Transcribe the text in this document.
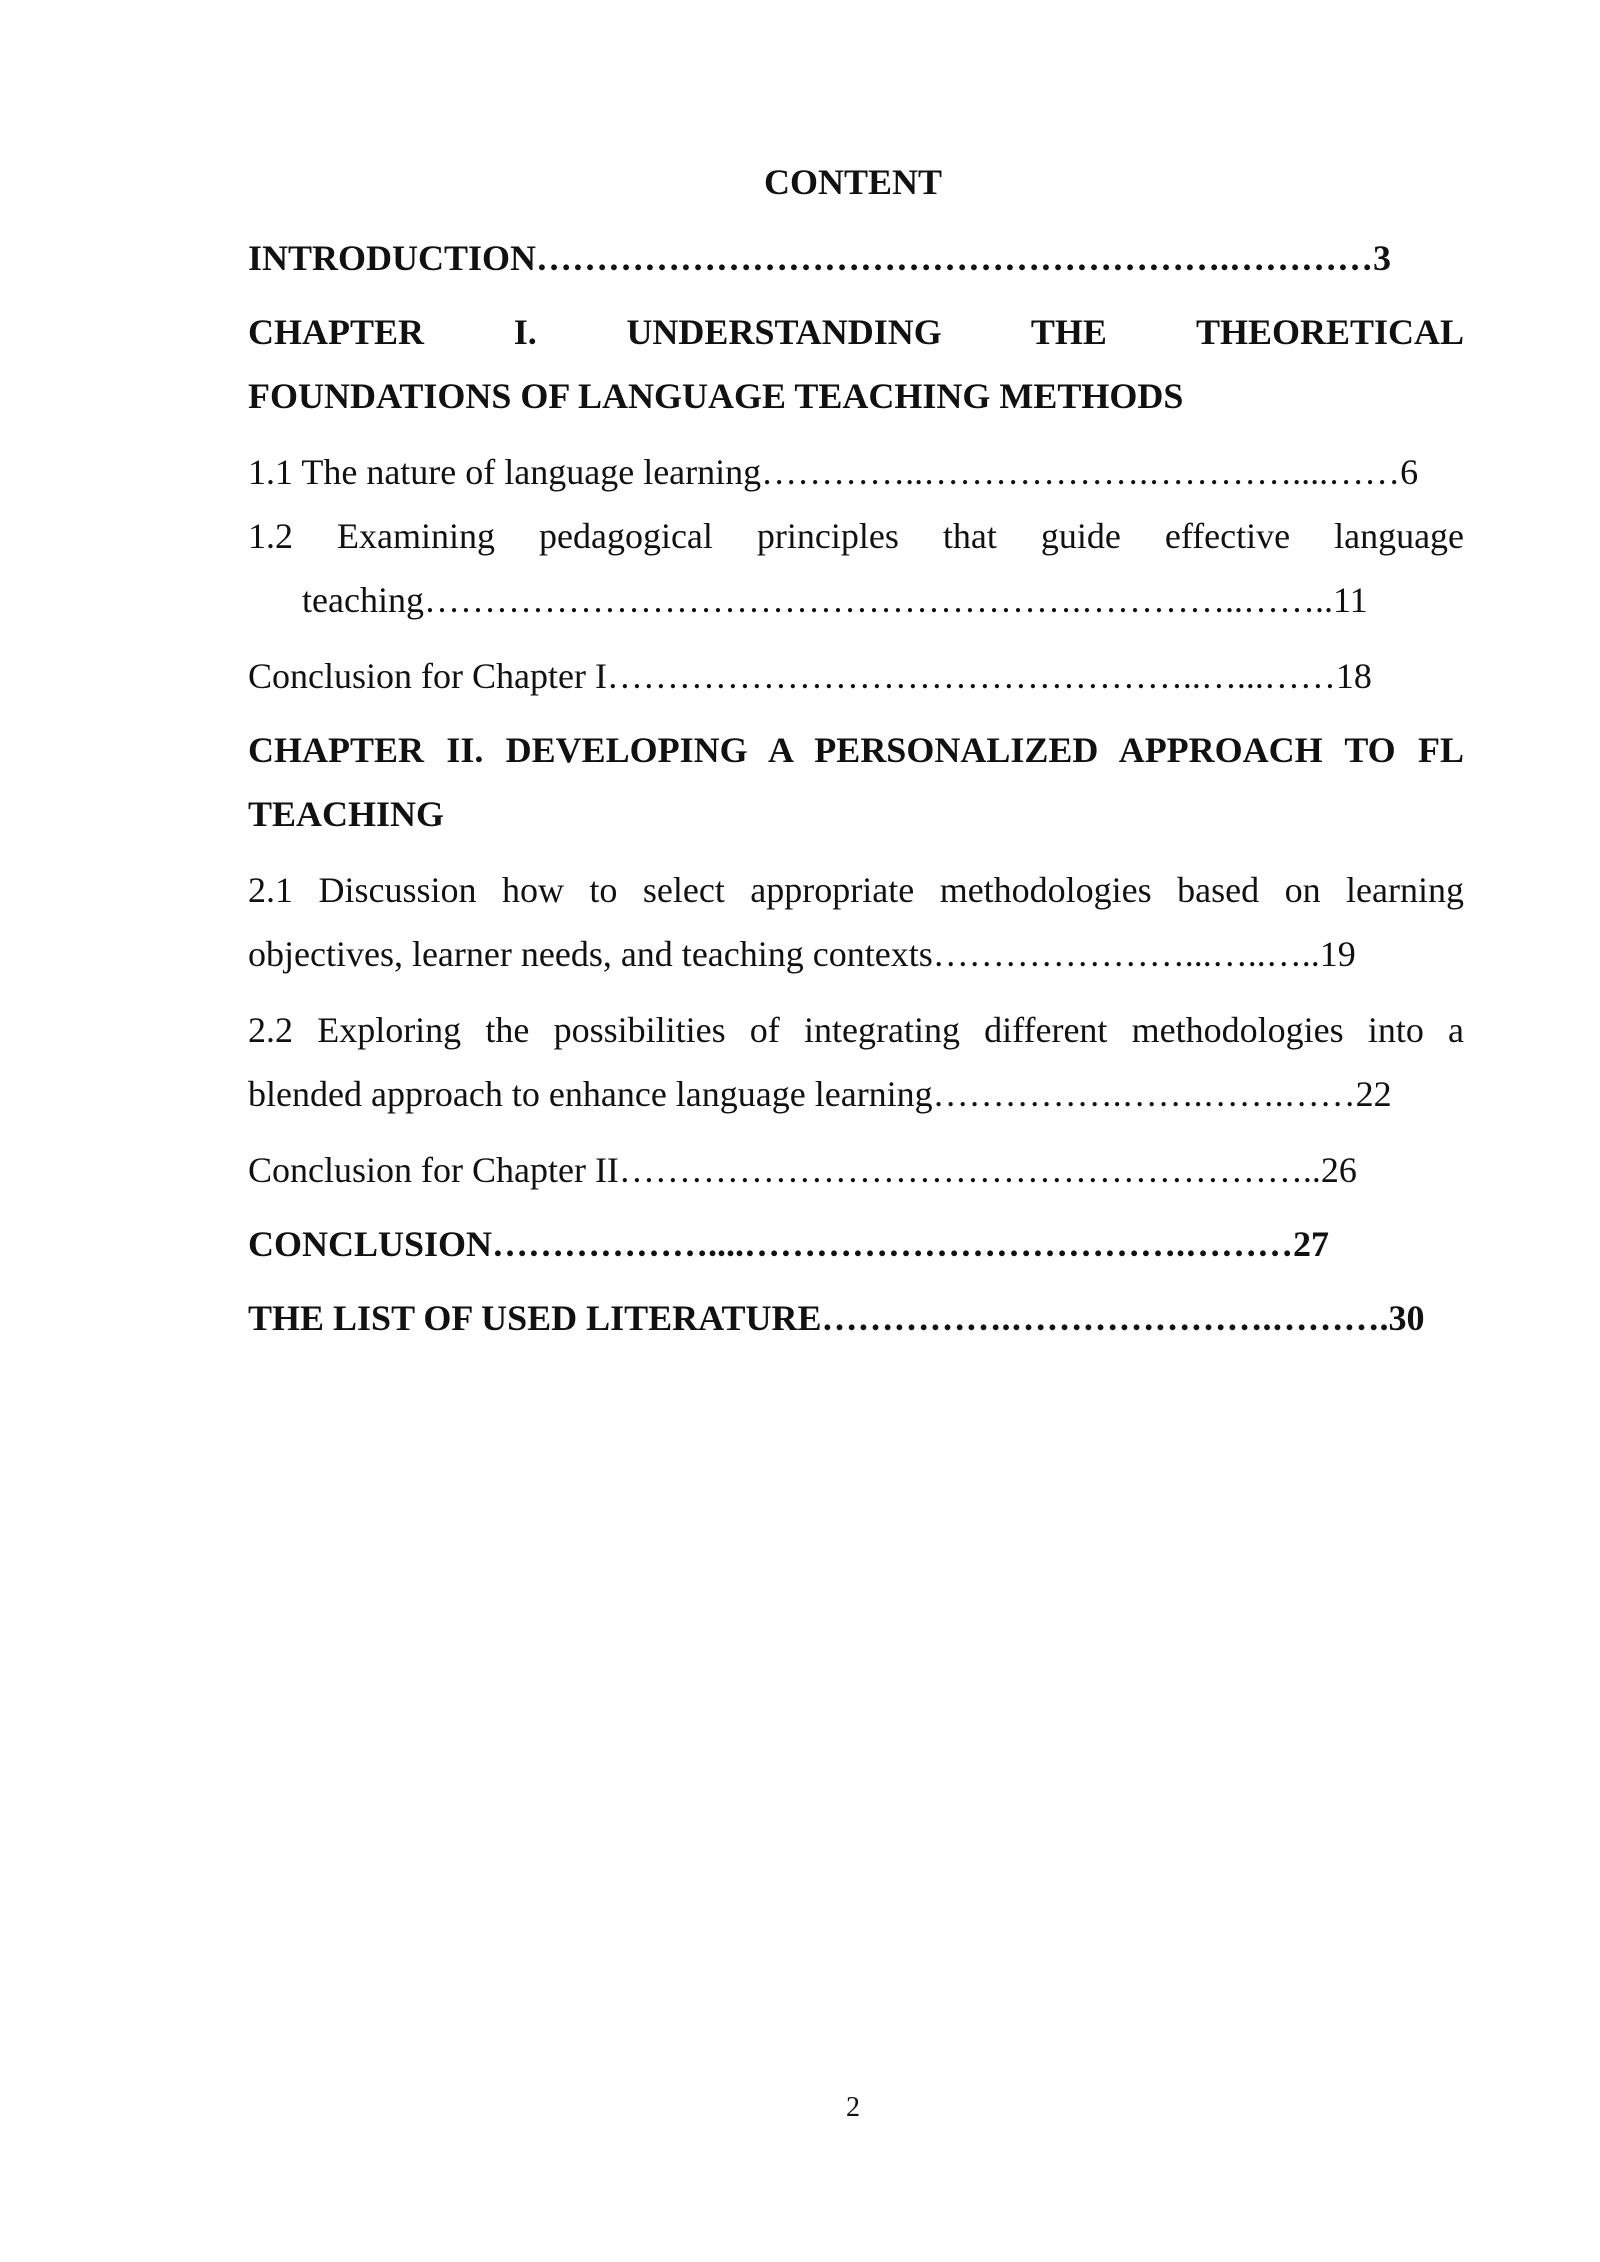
CONTENT
INTRODUCTION………………………………………………….…………3
CHAPTER I. UNDERSTANDING THE THEORETICAL
FOUNDATIONS OF LANGUAGE TEACHING METHODS
1.1 The nature of language learning…………..……………….…………....……6
1.2 Examining pedagogical principles that guide effective language
teaching……………………………………………….…………..……..11
Conclusion for Chapter I…………………………………………..…...……18
CHAPTER II. DEVELOPING A PERSONALIZED APPROACH TO FL
TEACHING
2.1 Discussion how to select appropriate methodologies based on learning
objectives, learner needs, and teaching contexts…………………...…..…..19
2.2 Exploring the possibilities of integrating different methodologies into a
blended approach to enhance language learning…………….…….…….……22
Conclusion for Chapter II…………………………………………………..26
CONCLUSION………………....……………………………….………27
THE LIST OF USED LITERATURE…………….………………….……….30
2
